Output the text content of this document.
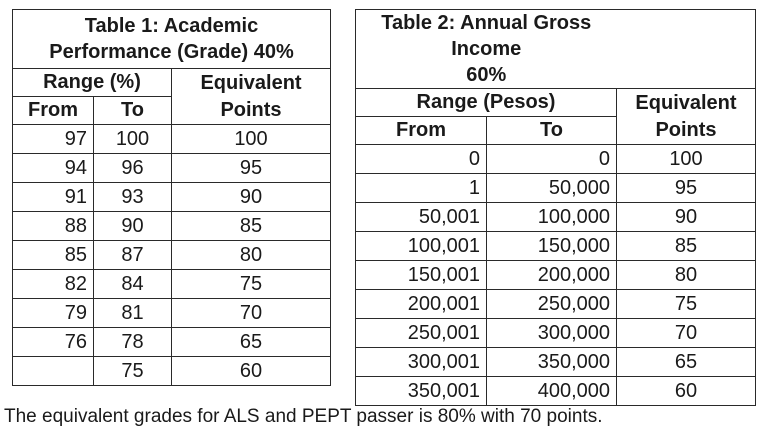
Table 1: Academic
Performance (Grade) 40%		
Range (%)		Equivalent
Points
From	To	
97	100	100
94	96	95
91	93	90
88	90	85
85	87	80
82	84	75
79	81	70
76	78	65
	75	60
Table 2: Annual Gross Income
60%		
Range (Pesos)		Equivalent
Points
From	To	
0	0	100
1	50,000	95
50,001	100,000	90
100,001	150,000	85
150,001	200,000	80
200,001	250,000	75
250,001	300,000	70
300,001	350,000	65
350,001	400,000	60
The equivalent grades for ALS and PEPT passer is 80% with 70 points.
